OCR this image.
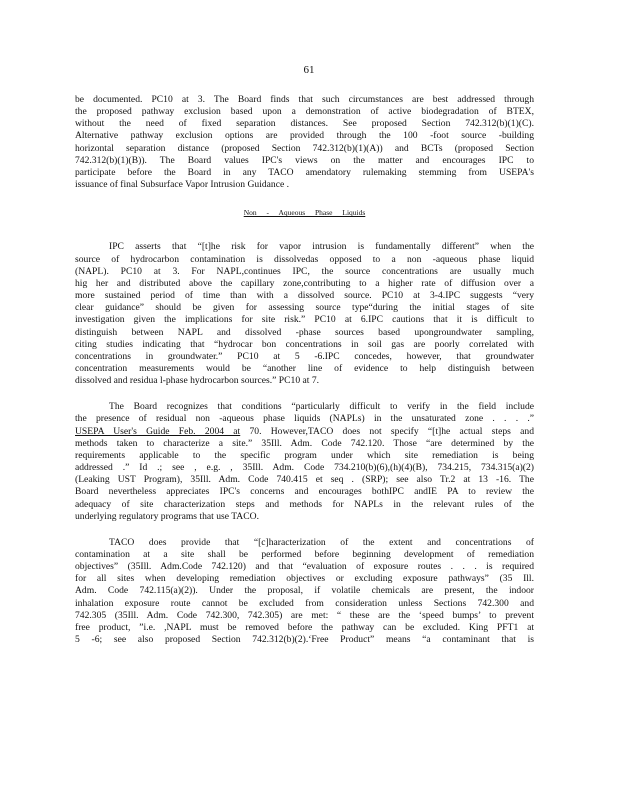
61
be documented. PC10 at 3. The Board finds that such circumstances are best addressed through
the proposed pathway exclusion based upon a demonstration of active biodegradation of BTEX,
without the need of fixed separation distances. See proposed Section 742.312(b)(1)(C).
Alternative pathway exclusion options are provided through the 100 -foot source -building
horizontal separation distance (proposed Section 742.312(b)(1)(A)) and BCTs (proposed Section
742.312(b)(1)(B)). The Board values IPC's views on the matter and encourages IPC to
participate before the Board in any TACO amendatory rulemaking stemming from USEPA's
issuance of final Subsurface Vapor Intrusion Guidance .
Non - Aqueous Phase Liquids
IPC asserts that “[t]he risk for vapor intrusion is fundamentally different” when the
source of hydrocarbon contamination is dissolvedas opposed to a non -aqueous phase liquid
(NAPL). PC10 at 3. For NAPL,continues IPC, the source concentrations are usually much
hig her and distributed above the capillary zone,contributing to a higher rate of diffusion over a
more sustained period of time than with a dissolved source. PC10 at 3-4.IPC suggests “very
clear guidance” should be given for assessing source type“during the initial stages of site
investigation given the implications for site risk.” PC10 at 6.IPC cautions that it is difficult to
distinguish between NAPL and dissolved -phase sources based upongroundwater sampling,
citing studies indicating that “hydrocar bon concentrations in soil gas are poorly correlated with
concentrations in groundwater.” PC10 at 5 -6.IPC concedes, however, that groundwater
concentration measurements would be “another line of evidence to help distinguish between
dissolved and residua l-phase hydrocarbon sources.” PC10 at 7.
The Board recognizes that conditions “particularly difficult to verify in the field include
the presence of residual non -aqueous phase liquids (NAPLs) in the unsaturated zone . . . .”
USEPA User's Guide Feb. 2004 at 70. However,TACO does not specify “[t]he actual steps and
methods taken to characterize a site.” 35Ill. Adm. Code 742.120. Those “are determined by the
requirements applicable to the specific program under which site remediation is being
addressed .” Id .; see , e.g. , 35Ill. Adm. Code 734.210(b)(6),(h)(4)(B), 734.215, 734.315(a)(2)
(Leaking UST Program), 35Ill. Adm. Code 740.415 et seq . (SRP); see also Tr.2 at 13 -16. The
Board nevertheless appreciates IPC's concerns and encourages bothIPC andIE PA to review the
adequacy of site characterization steps and methods for NAPLs in the relevant rules of the
underlying regulatory programs that use TACO.
TACO does provide that “[c]haracterization of the extent and concentrations of
contamination at a site shall be performed before beginning development of remediation
objectives” (35Ill. Adm.Code 742.120) and that “evaluation of exposure routes . . . is required
for all sites when developing remediation objectives or excluding exposure pathways” (35 Ill.
Adm. Code 742.115(a)(2)). Under the proposal, if volatile chemicals are present, the indoor
inhalation exposure route cannot be excluded from consideration unless Sections 742.300 and
742.305 (35Ill. Adm. Code 742.300, 742.305) are met: “ these are the ‘speed bumps’ to prevent
free product, ”i.e. ,NAPL must be removed before the pathway can be excluded. King PFT1 at
5 -6; see also proposed Section 742.312(b)(2).‘Free Product” means “a contaminant that is
